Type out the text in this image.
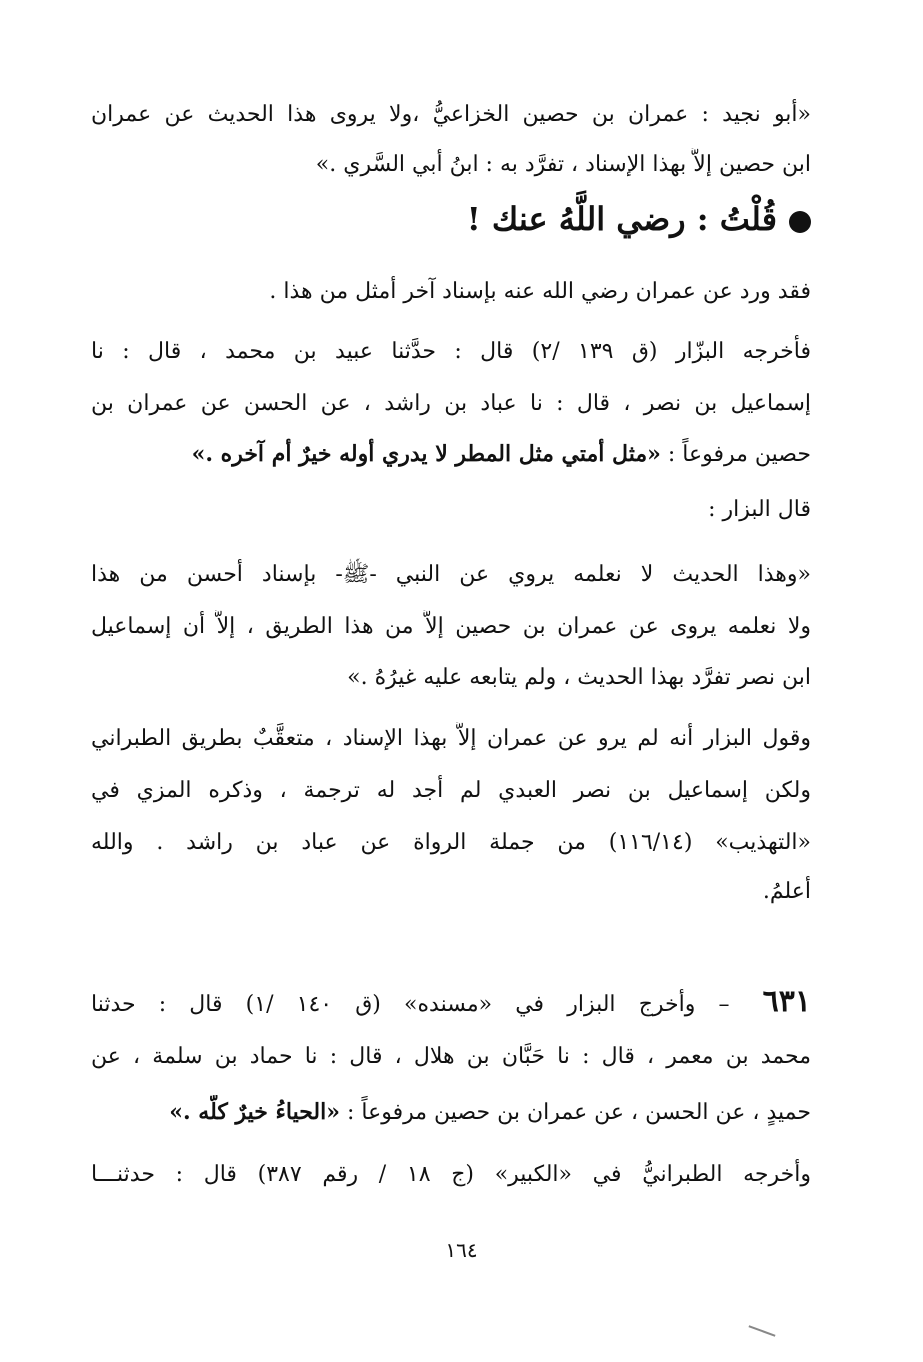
«أبو نجيد : عمران بن حصين الخزاعيُّ ،ولا يروى هذا الحديث عن عمران
ابن حصين إلاَّ بهذا الإسناد ، تفرَّد به : ابنُ أبي السَّري .»
قُلْتُ : رضي اللَّهُ عنك !
فقد ورد عن عمران رضي الله عنه بإسناد آخر أمثل من هذا .
فأخرجه البزّار (ق ١٣٩ /٢) قال : حدَّثنا عبيد بن محمد ، قال : نا
إسماعيل بن نصر ، قال : نا عباد بن راشد ، عن الحسن عن عمران بن
حصين مرفوعاً : «مثل أمتي مثل المطر لا يدري أوله خيرٌ أم آخره .»
قال البزار :
«وهذا الحديث لا نعلمه يروي عن النبي -ﷺ- بإسناد أحسن من هذا
ولا نعلمه يروى عن عمران بن حصين إلاَّ من هذا الطريق ، إلاَّ أن إسماعيل
ابن نصر تفرَّد بهذا الحديث ، ولم يتابعه عليه غيرُهُ .»
وقول البزار أنه لم يرو عن عمران إلاَّ بهذا الإسناد ، متعقَّبٌ بطريق الطبراني
ولكن إسماعيل بن نصر العبدي لم أجد له ترجمة ، وذكره المزي في
«التهذيب» (١١٦/١٤) من جملة الرواة عن عباد بن راشد . والله
أعلمُ.
٦٣١ – وأخرج البزار في «مسنده» (ق ١٤٠ /١) قال : حدثنا
محمد بن معمر ، قال : نا حَبَّان بن هلال ، قال : نا حماد بن سلمة ، عن
حميدٍ ، عن الحسن ، عن عمران بن حصين مرفوعاً : «الحياءُ خيرٌ كلُّه .»
وأخرجه الطبرانيُّ في «الكبير» (ج ١٨ / رقم ٣٨٧) قال : حدثنـــا
١٦٤
